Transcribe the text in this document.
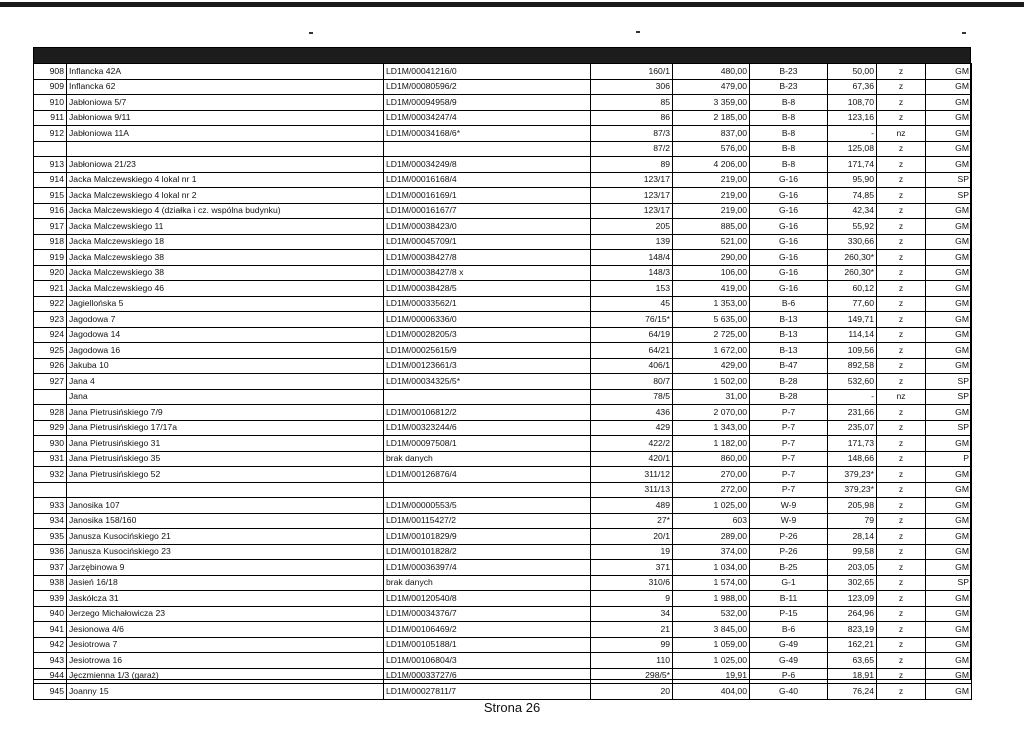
908	Inflancka 42A	LD1M/00041216/0	160/1	480,00	B-23	50,00	z	GM
909	Inflancka 62	LD1M/00080596/2	306	479,00	B-23	67,36	z	GM
910	Jabłoniowa 5/7	LD1M/00094958/9	85	3 359,00	B-8	108,70	z	GM
911	Jabłoniowa 9/11	LD1M/00034247/4	86	2 185,00	B-8	123,16	z	GM
912	Jabłoniowa 11A	LD1M/00034168/6*	87/3	837,00	B-8	-	nz	GM
			87/2	576,00	B-8	125,08	z	GM
913	Jabłoniowa 21/23	LD1M/00034249/8	89	4 206,00	B-8	171,74	z	GM
914	Jacka Malczewskiego 4 lokal nr 1	LD1M/00016168/4	123/17	219,00	G-16	95,90	z	SP
915	Jacka Malczewskiego 4 lokal nr 2	LD1M/00016169/1	123/17	219,00	G-16	74,85	z	SP
916	Jacka Malczewskiego 4 (działka i cz. wspólna budynku)	LD1M/00016167/7	123/17	219,00	G-16	42,34	z	GM
917	Jacka Malczewskiego 11	LD1M/00038423/0	205	885,00	G-16	55,92	z	GM
918	Jacka Malczewskiego 18	LD1M/00045709/1	139	521,00	G-16	330,66	z	GM
919	Jacka Malczewskiego 38	LD1M/00038427/8	148/4	290,00	G-16	260,30*	z	GM
920	Jacka Malczewskiego 38	LD1M/00038427/8 x	148/3	106,00	G-16	260,30*	z	GM
921	Jacka Malczewskiego 46	LD1M/00038428/5	153	419,00	G-16	60,12	z	GM
922	Jagiellońska 5	LD1M/00033562/1	45	1 353,00	B-6	77,60	z	GM
923	Jagodowa 7	LD1M/00006336/0	76/15*	5 635,00	B-13	149,71	z	GM
924	Jagodowa 14	LD1M/00028205/3	64/19	2 725,00	B-13	114,14	z	GM
925	Jagodowa 16	LD1M/00025615/9	64/21	1 672,00	B-13	109,56	z	GM
926	Jakuba 10	LD1M/00123661/3	406/1	429,00	B-47	892,58	z	GM
927	Jana 4	LD1M/00034325/5*	80/7	1 502,00	B-28	532,60	z	SP
	Jana		78/5	31,00	B-28	-	nz	SP
928	Jana Pietrusińskiego 7/9	LD1M/00106812/2	436	2 070,00	P-7	231,66	z	GM
929	Jana Pietrusińskiego 17/17a	LD1M/00323244/6	429	1 343,00	P-7	235,07	z	SP
930	Jana Pietrusińskiego 31	LD1M/00097508/1	422/2	1 182,00	P-7	171,73	z	GM
931	Jana Pietrusińskiego 35	brak danych	420/1	860,00	P-7	148,66	z	P
932	Jana Pietrusińskiego 52	LD1M/00126876/4	311/12	270,00	P-7	379,23*	z	GM
			311/13	272,00	P-7	379,23*	z	GM
933	Janosika 107	LD1M/00000553/5	489	1 025,00	W-9	205,98	z	GM
934	Janosika 158/160	LD1M/00115427/2	27*	603	W-9	79	z	GM
935	Janusza Kusocińskiego 21	LD1M/00101829/9	20/1	289,00	P-26	28,14	z	GM
936	Janusza Kusocińskiego 23	LD1M/00101828/2	19	374,00	P-26	99,58	z	GM
937	Jarzębinowa 9	LD1M/00036397/4	371	1 034,00	B-25	203,05	z	GM
938	Jasień 16/18	brak danych	310/6	1 574,00	G-1	302,65	z	SP
939	Jaskółcza 31	LD1M/00120540/8	9	1 988,00	B-11	123,09	z	GM
940	Jerzego Michałowicza 23	LD1M/00034376/7	34	532,00	P-15	264,96	z	GM
941	Jesionowa 4/6	LD1M/00106469/2	21	3 845,00	B-6	823,19	z	GM
942	Jesiotrowa 7	LD1M/00105188/1	99	1 059,00	G-49	162,21	z	GM
943	Jesiotrowa 16	LD1M/00106804/3	110	1 025,00	G-49	63,65	z	GM
944	Jęczmienna 1/3 (garaż)	LD1M/00033727/6	298/5*	19,91	P-6	18,91	z	GM
945	Joanny 15	LD1M/00027811/7	20	404,00	G-40	76,24	z	GM
Strona 26
